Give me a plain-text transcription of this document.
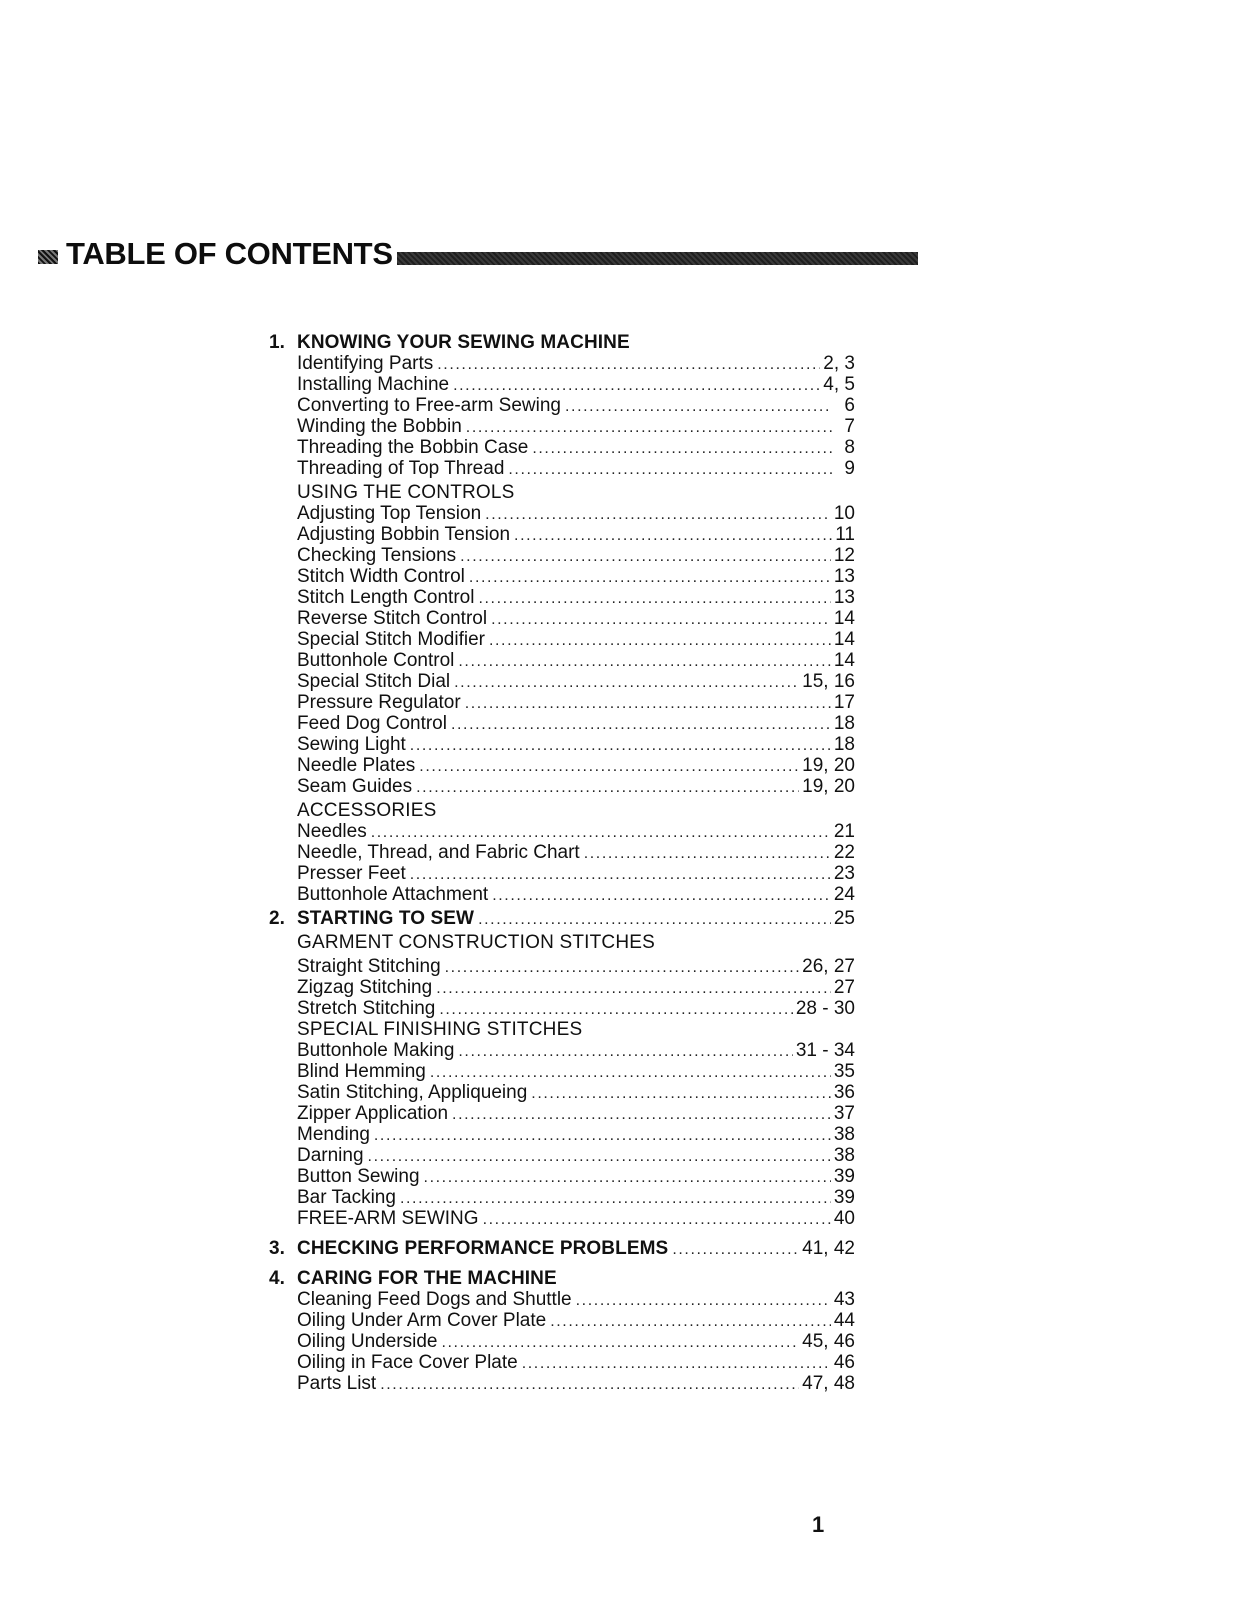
TABLE OF CONTENTS
1. KNOWING YOUR SEWING MACHINE
Identifying Parts .....	2, 3
Installing Machine .....	4, 5
Converting to Free-arm Sewing .....	6
Winding the Bobbin .....	7
Threading the Bobbin Case .....	8
Threading of Top Thread .....	9
USING THE CONTROLS
Adjusting Top Tension .....	10
Adjusting Bobbin Tension .....	11
Checking Tensions .....	12
Stitch Width Control .....	13
Stitch Length Control .....	13
Reverse Stitch Control .....	14
Special Stitch Modifier .....	14
Buttonhole Control .....	14
Special Stitch Dial .....	15, 16
Pressure Regulator .....	17
Feed Dog Control .....	18
Sewing Light .....	18
Needle Plates .....	19, 20
Seam Guides .....	19, 20
ACCESSORIES
Needles .....	21
Needle, Thread, and Fabric Chart .....	22
Presser Feet .....	23
Buttonhole Attachment .....	24
2. STARTING TO SEW .....	25
GARMENT CONSTRUCTION STITCHES
Straight Stitching .....	26, 27
Zigzag Stitching .....	27
Stretch Stitching .....	28 - 30
SPECIAL FINISHING STITCHES
Buttonhole Making .....	31 - 34
Blind Hemming .....	35
Satin Stitching, Appliqueing .....	36
Zipper Application .....	37
Mending .....	38
Darning .....	38
Button Sewing .....	39
Bar Tacking .....	39
FREE-ARM SEWING .....	40
3. CHECKING PERFORMANCE PROBLEMS .....	41, 42
4. CARING FOR THE MACHINE
Cleaning Feed Dogs and Shuttle .....	43
Oiling Under Arm Cover Plate .....	44
Oiling Underside .....	45, 46
Oiling in Face Cover Plate .....	46
Parts List .....	47, 48
1
